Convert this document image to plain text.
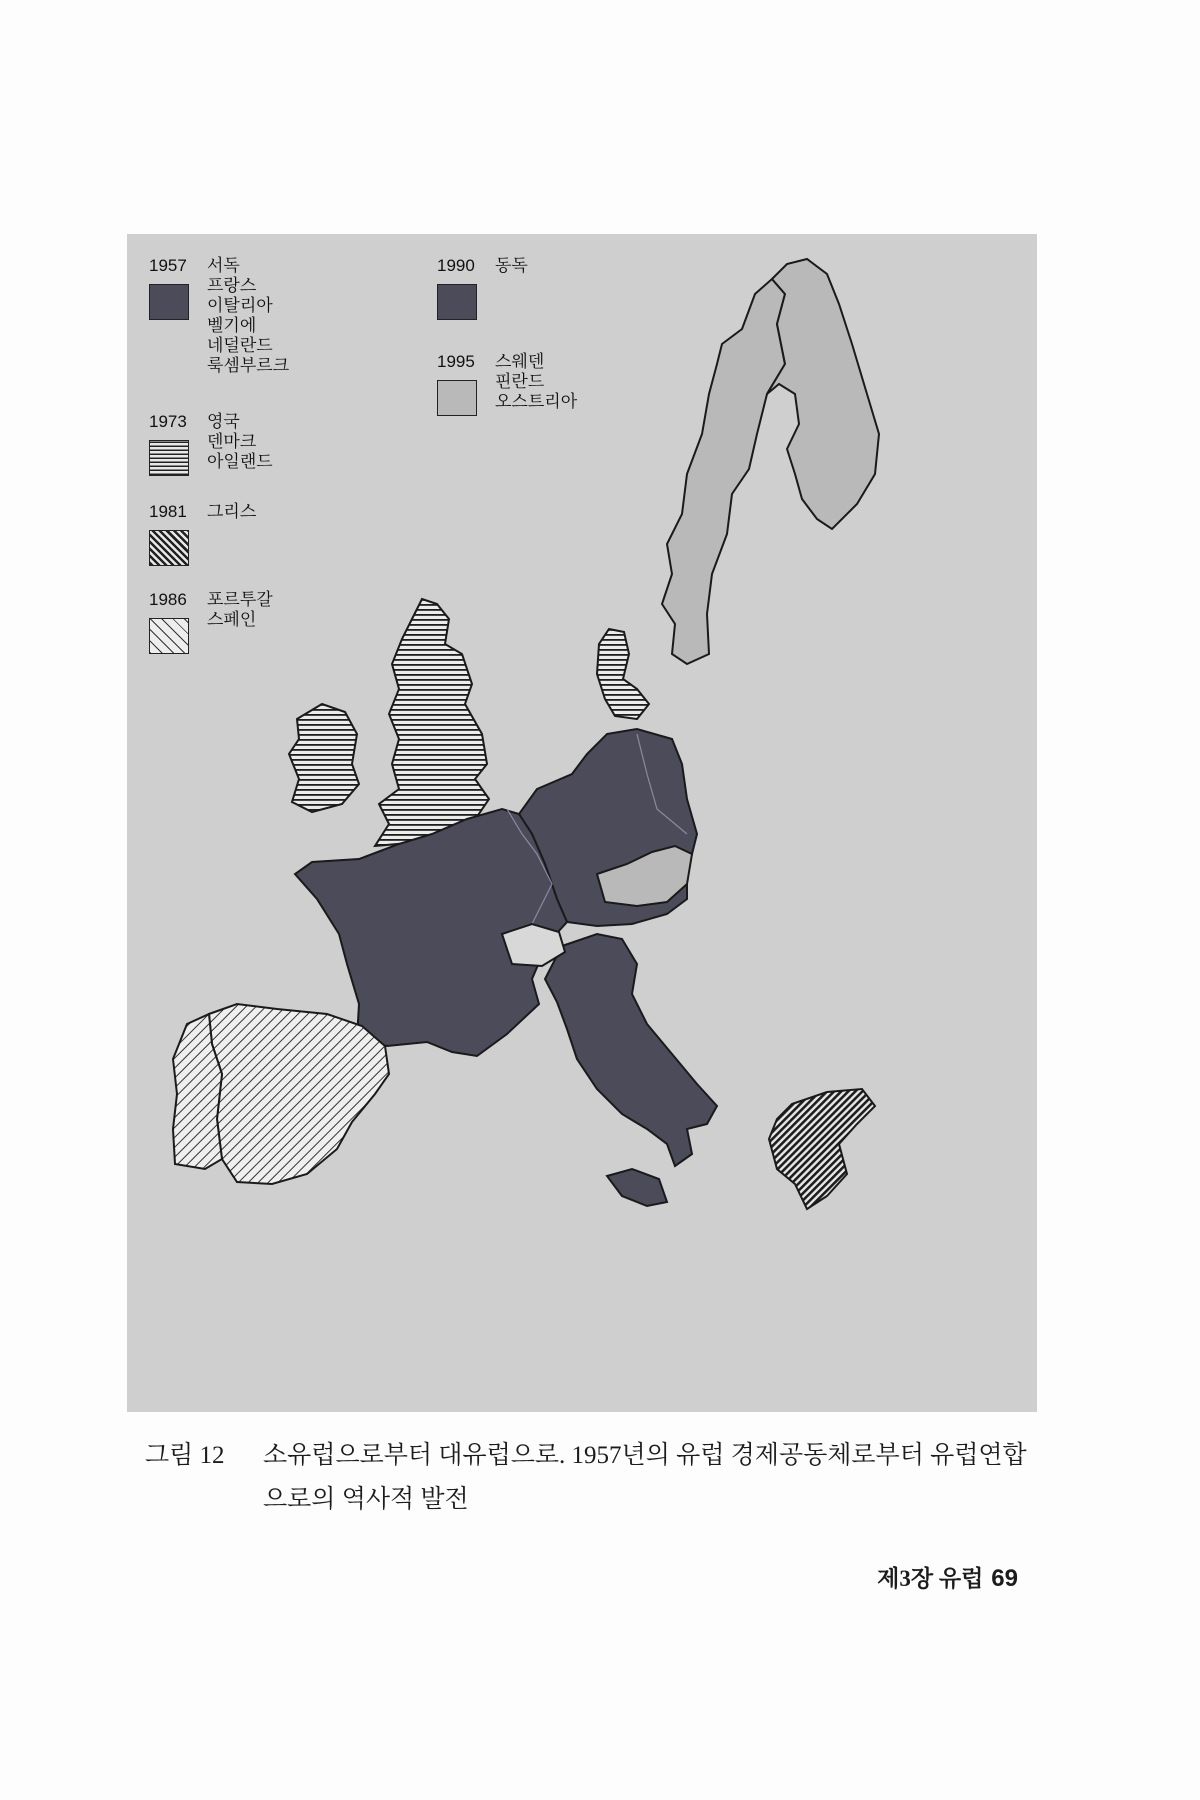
1957 서독
프랑스
이탈리아
벨기에
네덜란드
룩셈부르크
1973 영국
덴마크
아일랜드
1981 그리스
1986 포르투갈
스페인
1990 동독
1995 스웨덴
핀란드
오스트리아
그림 12 소유럽으로부터 대유럽으로. 1957년의 유럽 경제공동체로부터 유럽연합으로의 역사적 발전
제3장 유럽 69
